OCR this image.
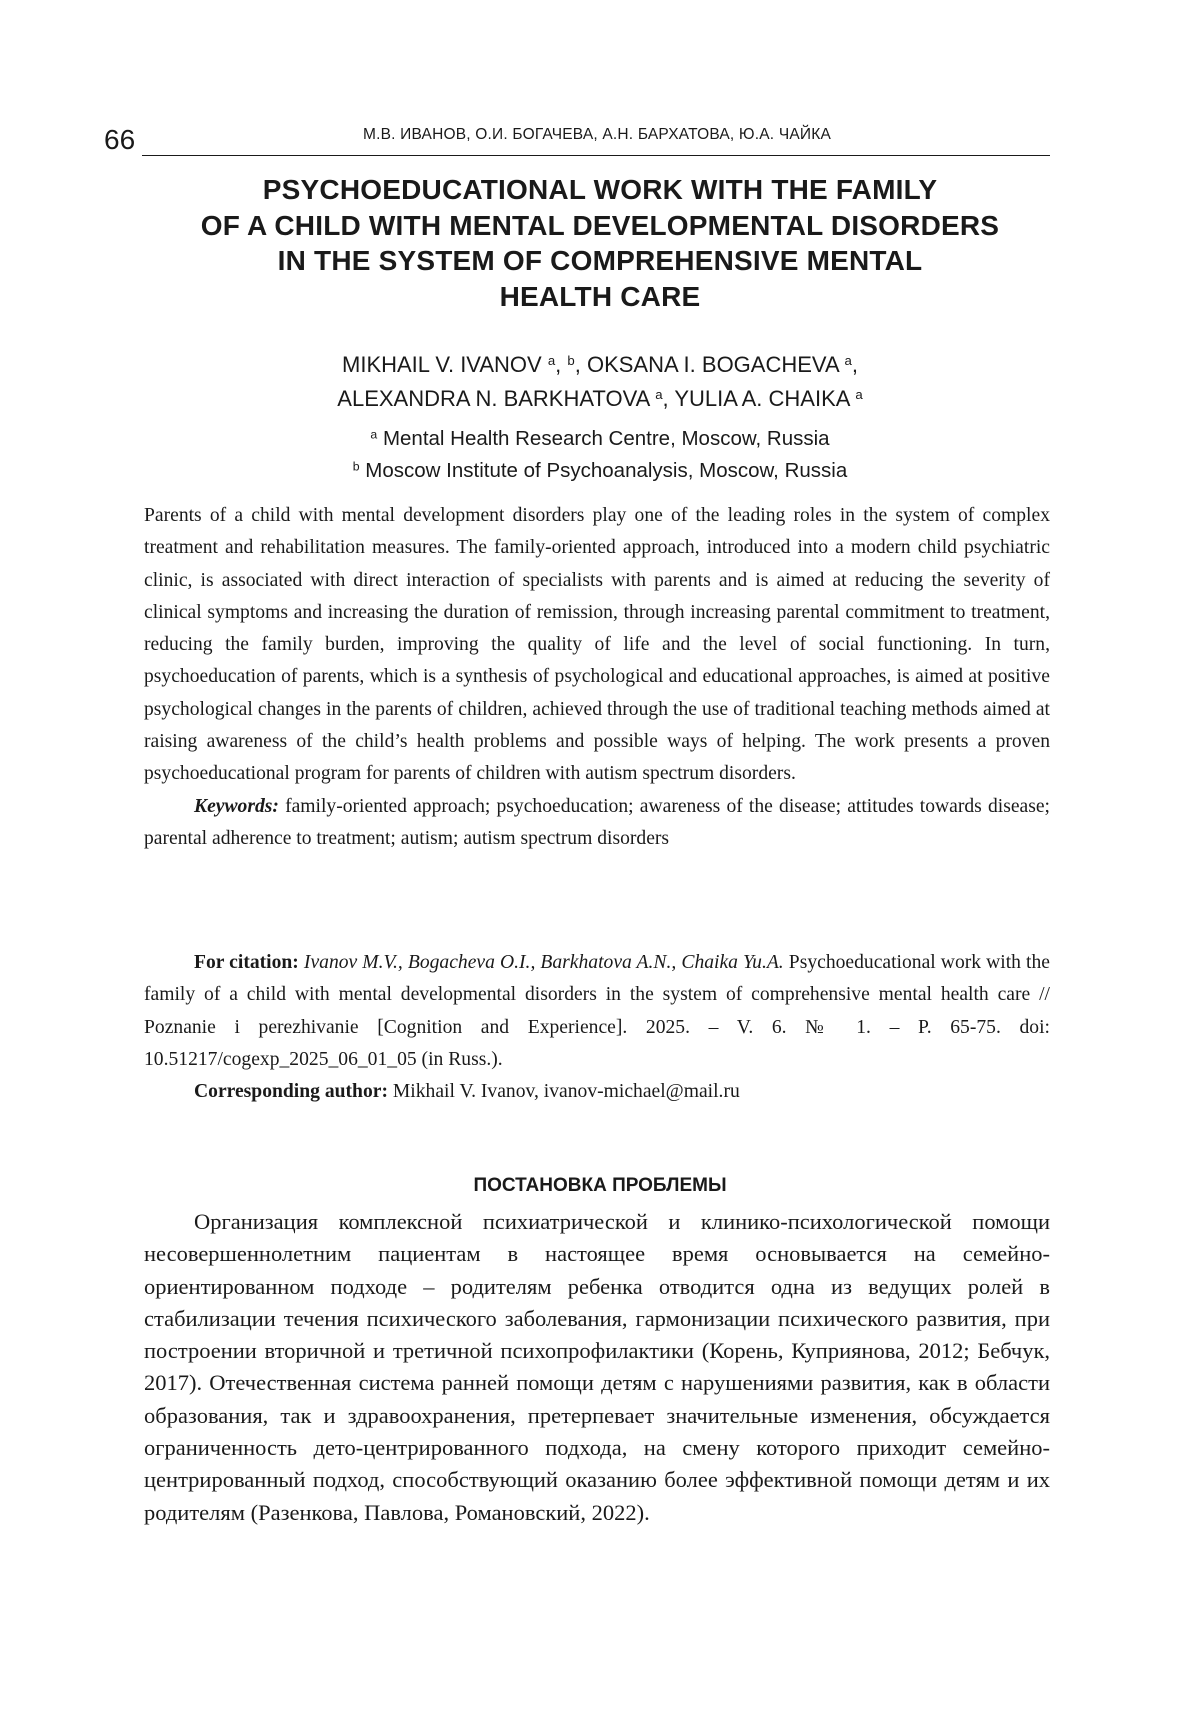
66	М.В. ИВАНОВ, О.И. БОГАЧЕВА, А.Н. БАРХАТОВА, Ю.А. ЧАЙКА
PSYCHOEDUCATIONAL WORK WITH THE FAMILY
OF A CHILD WITH MENTAL DEVELOPMENTAL DISORDERS
IN THE SYSTEM OF COMPREHENSIVE MENTAL
HEALTH CARE
MIKHAIL V. IVANOV $^a$, $^b$, OKSANA I. BOGACHEVA $^a$,
ALEXANDRA N. BARKHATOVA $^a$, YULIA A. CHAIKA $^a$
$^a$ Mental Health Research Centre, Moscow, Russia
$^b$ Moscow Institute of Psychoanalysis, Moscow, Russia

Parents of a child with mental development disorders play one of the leading roles in the system of complex treatment and rehabilitation measures. The family-oriented approach, introduced into a modern child psychiatric clinic, is associated with direct interaction of specialists with parents and is aimed at reducing the severity of clinical symptoms and increasing the duration of remission, through increasing parental commitment to treatment, reducing the family burden, improving the quality of life and the level of social functioning. In turn, psychoeducation of parents, which is a synthesis of psychological and educational approaches, is aimed at positive psychological changes in the parents of children, achieved through the use of traditional teaching methods aimed at raising awareness of the child’s health problems and possible ways of helping. The work presents a proven psychoeducational program for parents of children with autism spectrum disorders.

Keywords: family-oriented approach; psychoeducation; awareness of the disease; attitudes towards disease; parental adherence to treatment; autism; autism spectrum disorders

For citation: Ivanov M.V., Bogacheva O.I., Barkhatova A.N., Chaika Yu.A. Psychoeducational work with the family of a child with mental developmental disorders in the system of comprehensive mental health care // Poznanie i perezhivanie [Cognition and Experience]. 2025. – V. 6. № 1. – P. 65-75. doi: 10.51217/cogexp_2025_06_01_05 (in Russ.).

Corresponding author: Mikhail V. Ivanov, ivanov-michael@mail.ru

ПОСТАНОВКА ПРОБЛЕМЫ

Организация комплексной психиатрической и клинико-психологической помощи несовершеннолетним пациентам в настоящее время основывается на семейно-ориентированном подходе – родителям ребенка отводится одна из ведущих ролей в стабилизации течения психического заболевания, гармонизации психического развития, при построении вторичной и третичной психопрофилактики (Корень, Куприянова, 2012; Бебчук, 2017). Отечественная система ранней помощи детям с нарушениями развития, как в области образования, так и здравоохранения, претерпевает значительные изменения, обсуждается ограниченность дето-центрированного подхода, на смену которого приходит семейно-центрированный подход, способствующий оказанию более эффективной помощи детям и их родителям (Разенкова, Павлова, Романовский, 2022).
